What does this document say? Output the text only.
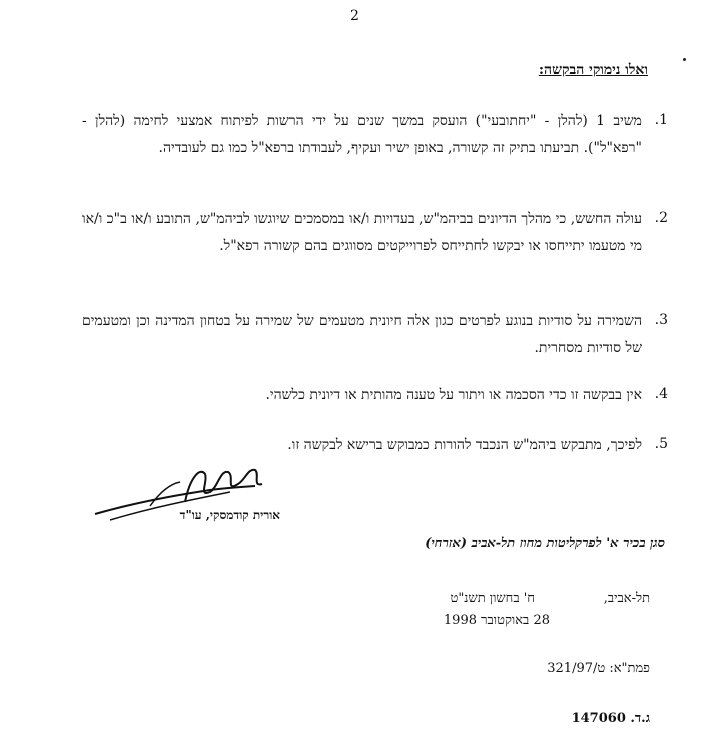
2
ואלו נימוקי הבקשה:
.1
משיב 1 (להלן - "יחתובעי") הועסק במשך שנים על ידי הרשות לפיתוח אמצעי לחימה (להלן - "רפא"ל"). תביעתו בתיק זה קשורה, באופן ישיר ועקיף, לעבודתו ברפא"ל כמו גם לעובדיה.
.2
עולה החשש, כי מהלך הדיונים בביהמ"ש, בעדויות ו/או במסמכים שיוגשו לביהמ"ש, התובע ו/או ב"כ ו/או מי מטעמו יתייחסו או יבקשו לחתייחס לפרוייקטים מסווגים בהם קשורה רפא"ל.
.3
השמירה על סודיות בנוגע לפרטים כגון אלה חיונית מטעמים של שמירה על בטחון המדינה וכן ומטעמים של סודיות מסחרית.
.4
אין בבקשה זו כדי הסכמה או ויתור על טענה מהותית או דיונית כלשהי.
.5
לפיכך, מתבקש ביהמ"ש הנכבד להורות כמבוקש ברישא לבקשה זו.
אורית קודמסקי, עו"ד
סגן בכיר א' לפרקליטות מחוז תל-אביב (אזרחי)
תל-אביב,
ח' בחשון תשנ"ט
28 באוקטובר 1998
פמת"א: ט/321/97
ג.ד. 147060
